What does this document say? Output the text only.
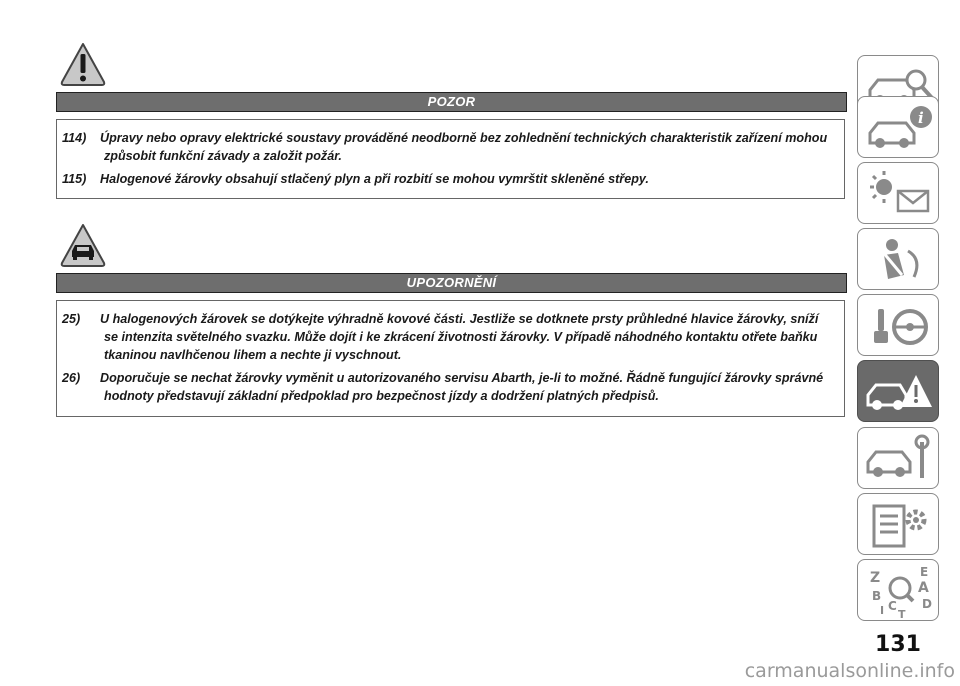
POZOR

114) Úpravy nebo opravy elektrické soustavy prováděné neodborně bez zohlednění technických charakteristik zařízení mohou způsobit funkční závady a založit požár.

115) Halogenové žárovky obsahují stlačený plyn a při rozbití se mohou vymrštit skleněné střepy.

UPOZORNĚNÍ

25) U halogenových žárovek se dotýkejte výhradně kovové části. Jestliže se dotknete prsty průhledné hlavice žárovky, sníží se intenzita světelného svazku. Může dojít i ke zkrácení životnosti žárovky. V případě náhodného kontaktu otřete baňku tkaninou navlhčenou lihem a nechte ji vyschnout.

26) Doporučuje se nechat žárovky vyměnit u autorizovaného servisu Abarth, je-li to možné. Řádně fungující žárovky správné hodnoty představují základní předpoklad pro bezpečnost jízdy a dodržení platných předpisů.

i
Z	E
A
B
C D
I T
131
carmanualsonline.info
